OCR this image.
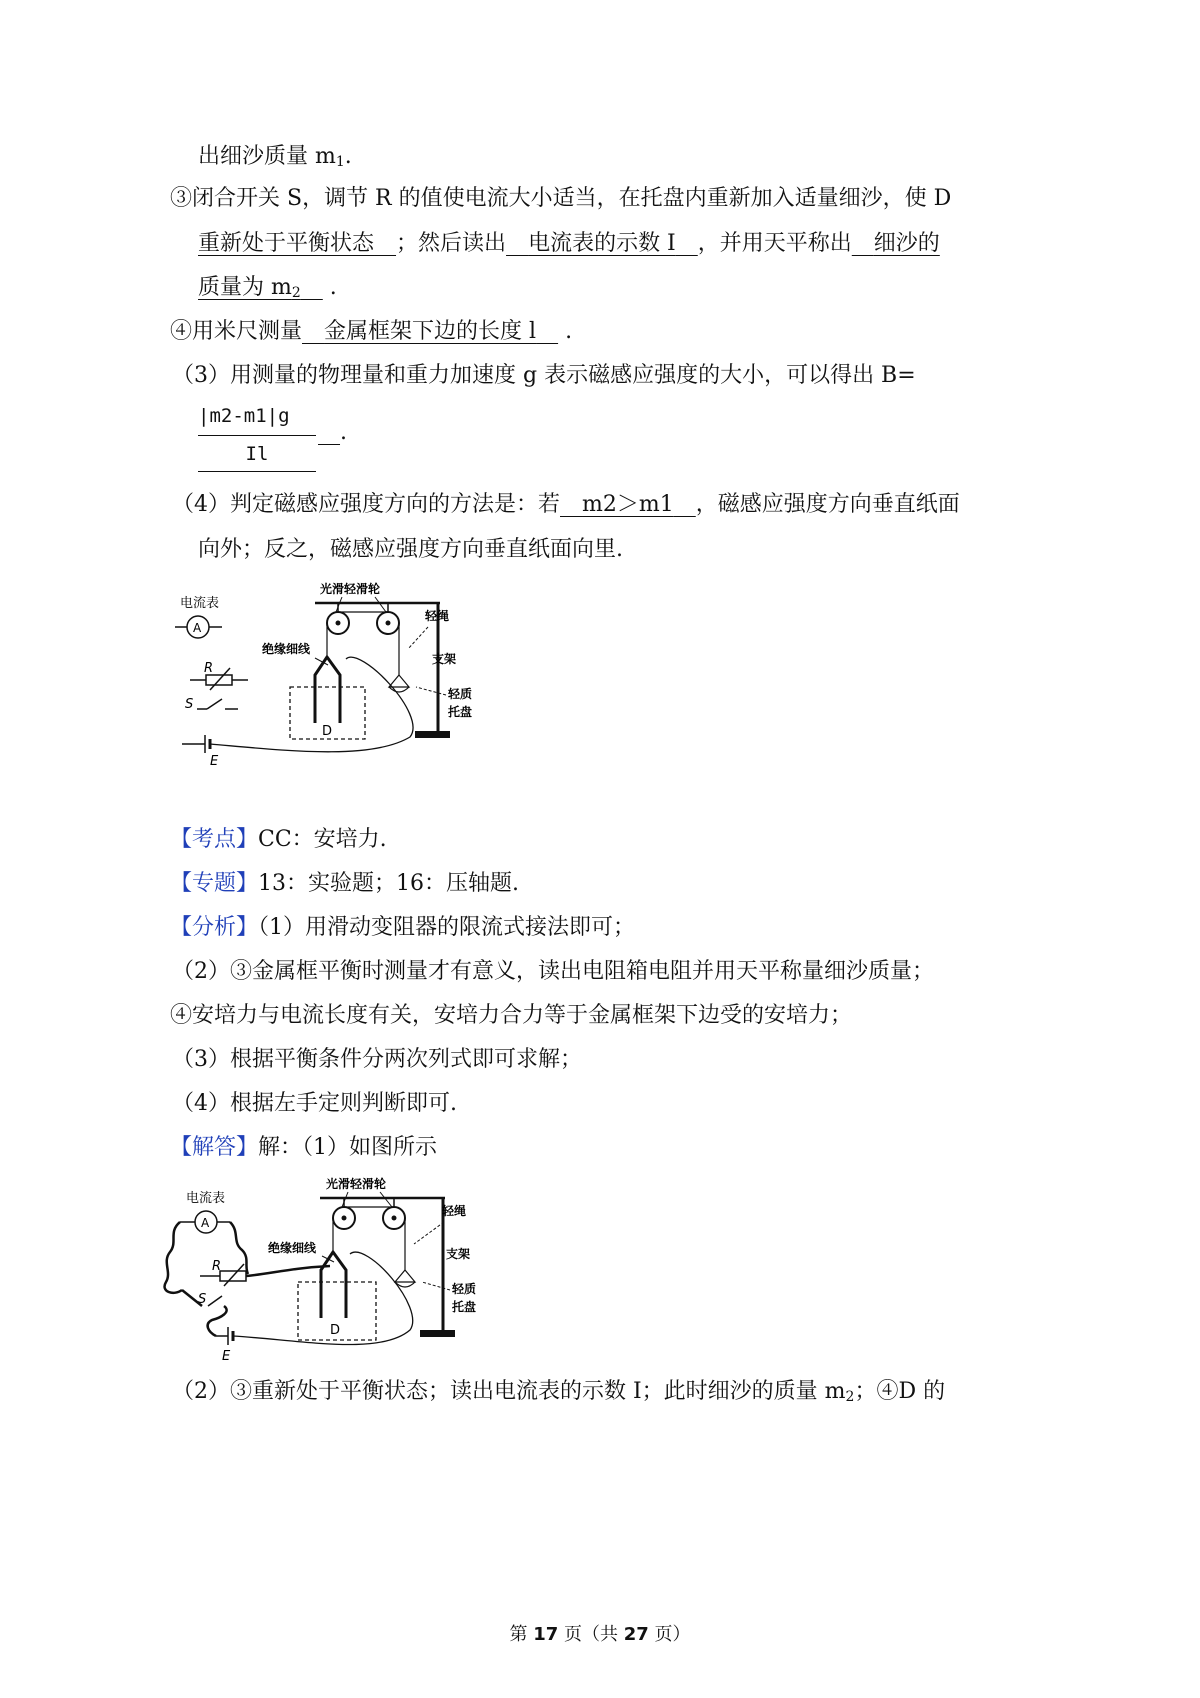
出细沙质量 $m_1$.
③闭合开关 S，调节 R 的值使电流大小适当，在托盘内重新加入适量细沙，使 D
重新处于平衡状态　 ；然后读出　 电流表的示数 I　 ，并用天平称出　 细沙的
质量为 $m_2$　 .
④用米尺测量　 金属框架下边的长度 l　 .
（3）用测量的物理量和重力加速度 g 表示磁感应强度的大小，可以得出 B=
|m2-m1|g
Il
　.
（4）判定磁感应强度方向的方法是：若　 m2＞m1　 ，磁感应强度方向垂直纸面
向外；反之，磁感应强度方向垂直纸面向里.
电流表
A
R
S
E
光滑轻滑轮
轻绳
支架
轻质
托盘
绝缘细线
D
【考点】CC：安培力.
【专题】13：实验题；16：压轴题.
【分析】（1）用滑动变阻器的限流式接法即可；
（2）③金属框平衡时测量才有意义，读出电阻箱电阻并用天平称量细沙质量；
④安培力与电流长度有关，安培力合力等于金属框架下边受的安培力；
（3）根据平衡条件分两次列式即可求解；
（4）根据左手定则判断即可.
【解答】解：（1）如图所示
电流表
A
R
S
E
光滑轻滑轮
轻绳
支架
轻质
托盘
绝缘细线
D
（2）③重新处于平衡状态；读出电流表的示数 I；此时细沙的质量 $m_2$；④D 的
第 17 页（共 27 页）
